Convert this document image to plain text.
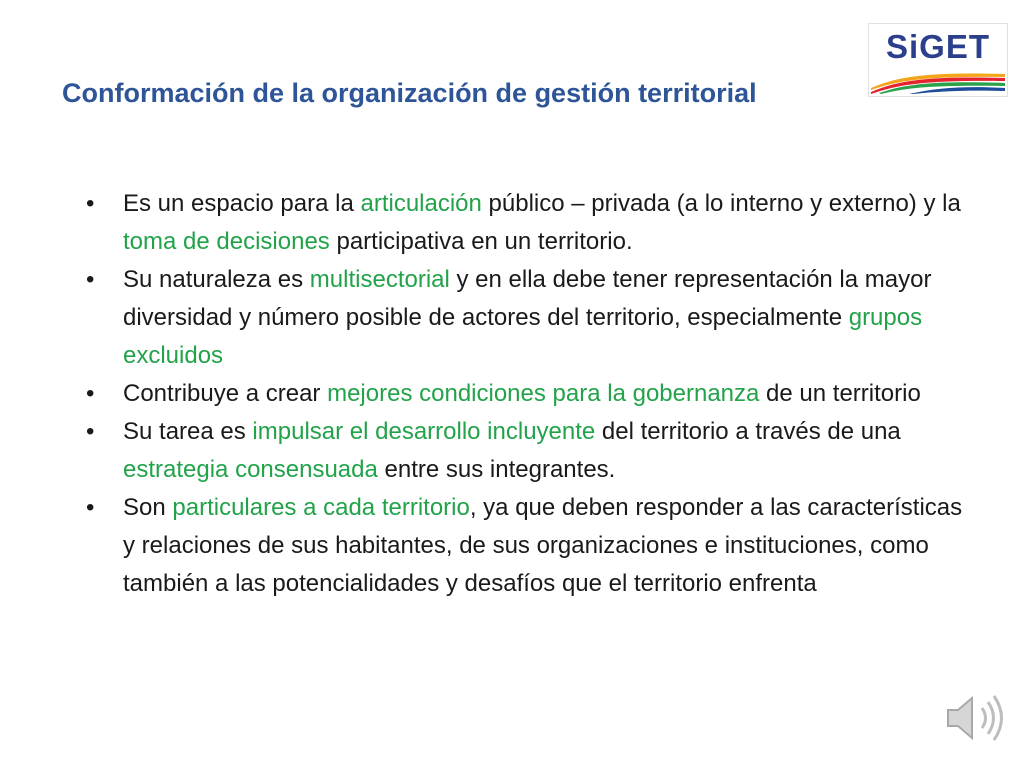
Conformación de la organización de gestión territorial
SiGET
• Es un espacio para la articulación público – privada (a lo interno y externo) y la toma de decisiones participativa en un territorio.
• Su naturaleza es multisectorial y en ella debe tener representación la mayor diversidad y número posible de actores del territorio, especialmente grupos excluidos
• Contribuye a crear mejores condiciones para la gobernanza de un territorio
• Su tarea es impulsar el desarrollo incluyente del territorio a través de una estrategia consensuada entre sus integrantes.
• Son particulares a cada territorio, ya que deben responder a las características y relaciones de sus habitantes, de sus organizaciones e instituciones, como también a las potencialidades y desafíos que el territorio enfrenta
